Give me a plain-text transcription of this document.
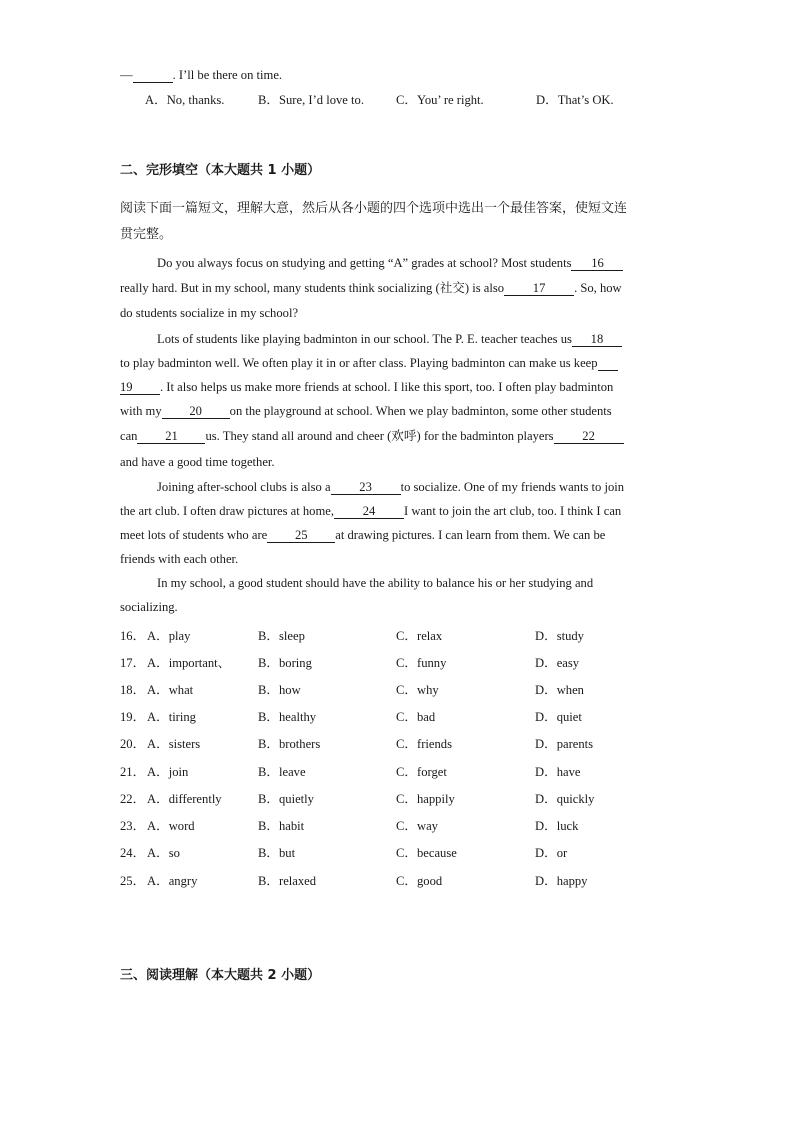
—	. I’ll be there on time.
A．No, thanks.	B．Sure, I’d love to.	C．You’ re right.	D．That’s OK.
二、完形填空（本大题共 1 小题）
阅读下面一篇短文，理解大意，然后从各小题的四个选项中选出一个最佳答案，使短文连
贯完整。
Do you always focus on studying and getting “A” grades at school? Most students 16
really hard. But in my school, many students think socializing (社交) is also 17 . So, how
do students socialize in my school?
Lots of students like playing badminton in our school. The P. E. teacher teaches us 18
to play badminton well. We often play it in or after class. Playing badminton can make us keep
19 . It also helps us make more friends at school. I like this sport, too. I often play badminton
with my 20 on the playground at school. When we play badminton, some other students
can 21 us. They stand all around and cheer (欢呼) for the badminton players 22
and have a good time together.
Joining after-school clubs is also a 23 to socialize. One of my friends wants to join
the art club. I often draw pictures at home, 24 I want to join the art club, too. I think I can
meet lots of students who are 25 at drawing pictures. I can learn from them. We can be
friends with each other.
In my school, a good student should have the ability to balance his or her studying and
socializing.
16． A．play	B．sleep	C．relax	D．study
17． A．important、 B．boring	C．funny	D．easy
18． A．what	B．how	C．why	D．when
19． A．tiring	B．healthy	C．bad	D．quiet
20． A．sisters	B．brothers	C．friends	D．parents
21． A．join	B．leave	C．forget	D．have
22． A．differently	B．quietly	C．happily	D．quickly
23． A．word	B．habit	C．way	D．luck
24． A．so	B．but	C．because	D．or
25． A．angry	B．relaxed	C．good	D．happy
三、阅读理解（本大题共 2 小题）
